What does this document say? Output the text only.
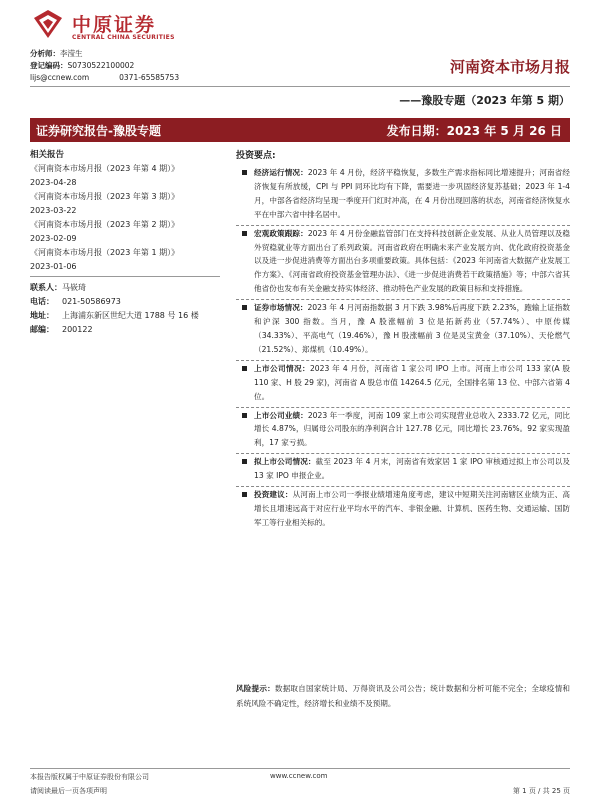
中原证券
CENTRAL CHINA SECURITIES
分析师：李滢生
登记编码：S0730522100002
lijs@ccnew.com	0371-65585753
河南资本市场月报
——豫股专题（2023 年第 5 期）
证券研究报告-豫股专题	发布日期：2023 年 5 月 26 日
相关报告
《河南资本市场月报（2023 年第 4 期）》
2023-04-28
《河南资本市场月报（2023 年第 3 期）》
2023-03-22
《河南资本市场月报（2023 年第 2 期）》
2023-02-09
《河南资本市场月报（2023 年第 1 期）》
2023-01-06
联系人：马嵚琦
电话： 021-50586973
地址： 上海浦东新区世纪大道 1788 号 16 楼
邮编： 200122
投资要点:
经济运行情况：2023 年 4 月份，经济平稳恢复，多数生产需求指标同比增速提升；河南省经济恢复有所放缓，CPI 与 PPI 同环比均有下降，需要进一步巩固经济复苏基础；2023 年 1-4 月，中部各省经济均呈现一季度开门红时冲高，在 4 月份出现回落的状态，河南省经济恢复水平在中部六省中排名居中。
宏观政策跟踪：2023 年 4 月份金融监管部门在支持科技创新企业发展、从业人员管理以及稳外贸稳就业等方面出台了系列政策。河南省政府在明确未来产业发展方向、优化政府投资基金以及进一步促进消费等方面出台多项重要政策。具体包括：《2023 年河南省大数据产业发展工作方案》、《河南省政府投资基金管理办法》、《进一步促进消费若干政策措施》等；中部六省其他省份也发布有关金融支持实体经济、推动特色产业发展的政策目标和支持措施。
证券市场情况：2023 年 4 月河南指数据 3 月下跌 3.98%后再度下跌 2.23%，跑输上证指数和沪深 300 指数。当月，豫 A 股涨幅前 3 位是拓新药业（57.74%）、中原传媒（34.33%）、平高电气（19.46%），豫 H 股涨幅前 3 位是灵宝黄金（37.10%）、天伦燃气（21.52%）、郑煤机（10.49%）。
上市公司情况：2023 年 4 月份，河南省 1 家公司 IPO 上市。河南上市公司 133 家(A 股 110 家、H 股 29 家)，河南省 A 股总市值 14264.5 亿元，全国排名第 13 位、中部六省第 4 位。
上市公司业绩：2023 年一季度，河南 109 家上市公司实现营业总收入 2333.72 亿元，同比增长 4.87%，归属母公司股东的净利润合计 127.78 亿元，同比增长 23.76%。92 家实现盈利，17 家亏损。
拟上市公司情况：截至 2023 年 4 月末，河南省有效家居 1 家 IPO 审核通过拟上市公司以及 13 家 IPO 申报企业。
投资建议：从河南上市公司一季报业绩增速角度考虑，建议中短期关注河南辖区业绩为正、高增长且增速远高于对应行业平均水平的汽车、非银金融、计算机、医药生物、交通运输、国防军工等行业相关标的。
风险提示：数据取自国家统计局、万得资讯及公司公告；统计数据和分析可能不完全；全球疫情和系统风险不确定性，经济增长和业绩不及预期。
本报告版权属于中原证券股份有限公司	www.ccnew.com
请阅读最后一页各项声明	第 1 页 / 共 25 页
